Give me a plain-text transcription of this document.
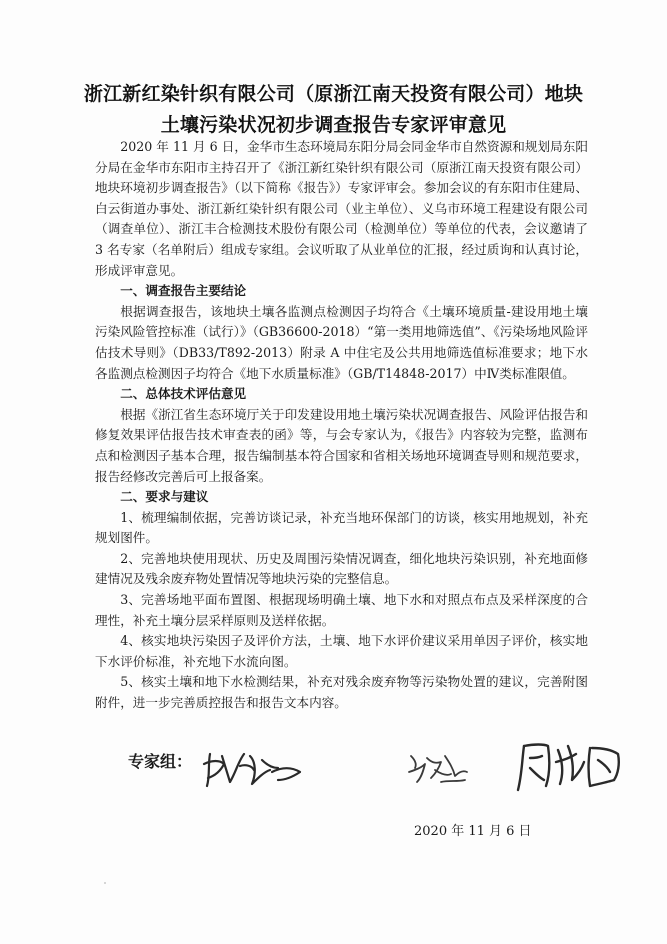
浙江新红染针织有限公司（原浙江南天投资有限公司）地块
土壤污染状况初步调查报告专家评审意见

2020 年 11 月 6 日，金华市生态环境局东阳分局会同金华市自然资源和规划局东阳分局在金华市东阳市主持召开了《浙江新红染针织有限公司（原浙江南天投资有限公司）地块环境初步调查报告》（以下简称《报告》）专家评审会。参加会议的有东阳市住建局、白云街道办事处、浙江新红染针织有限公司（业主单位）、义乌市环境工程建设有限公司（调查单位）、浙江丰合检测技术股份有限公司（检测单位）等单位的代表，会议邀请了 3 名专家（名单附后）组成专家组。会议听取了从业单位的汇报，经过质询和认真讨论，形成评审意见。

一、调查报告主要结论

根据调查报告，该地块土壤各监测点检测因子均符合《土壤环境质量-建设用地土壤污染风险管控标准（试行）》（GB36600-2018）“第一类用地筛选值”、《污染场地风险评估技术导则》（DB33/T892-2013）附录 A 中住宅及公共用地筛选值标准要求；地下水各监测点检测因子均符合《地下水质量标准》（GB/T14848-2017）中Ⅳ类标准限值。

二、总体技术评估意见

根据《浙江省生态环境厅关于印发建设用地土壤污染状况调查报告、风险评估报告和修复效果评估报告技术审查表的函》等，与会专家认为，《报告》内容较为完整，监测布点和检测因子基本合理，报告编制基本符合国家和省相关场地环境调查导则和规范要求，报告经修改完善后可上报备案。

二、要求与建议

1、梳理编制依据，完善访谈记录，补充当地环保部门的访谈，核实用地规划，补充规划图件。

2、完善地块使用现状、历史及周围污染情况调查，细化地块污染识别，补充地面修建情况及残余废弃物处置情况等地块污染的完整信息。

3、完善场地平面布置图、根据现场明确土壤、地下水和对照点布点及采样深度的合理性，补充土壤分层采样原则及送样依据。

4、核实地块污染因子及评价方法，土壤、地下水评价建议采用单因子评价，核实地下水评价标准，补充地下水流向图。

5、核实土壤和地下水检测结果，补充对残余废弃物等污染物处置的建议，完善附图附件，进一步完善质控报告和报告文本内容。

专家组：
2020 年 11 月 6 日
